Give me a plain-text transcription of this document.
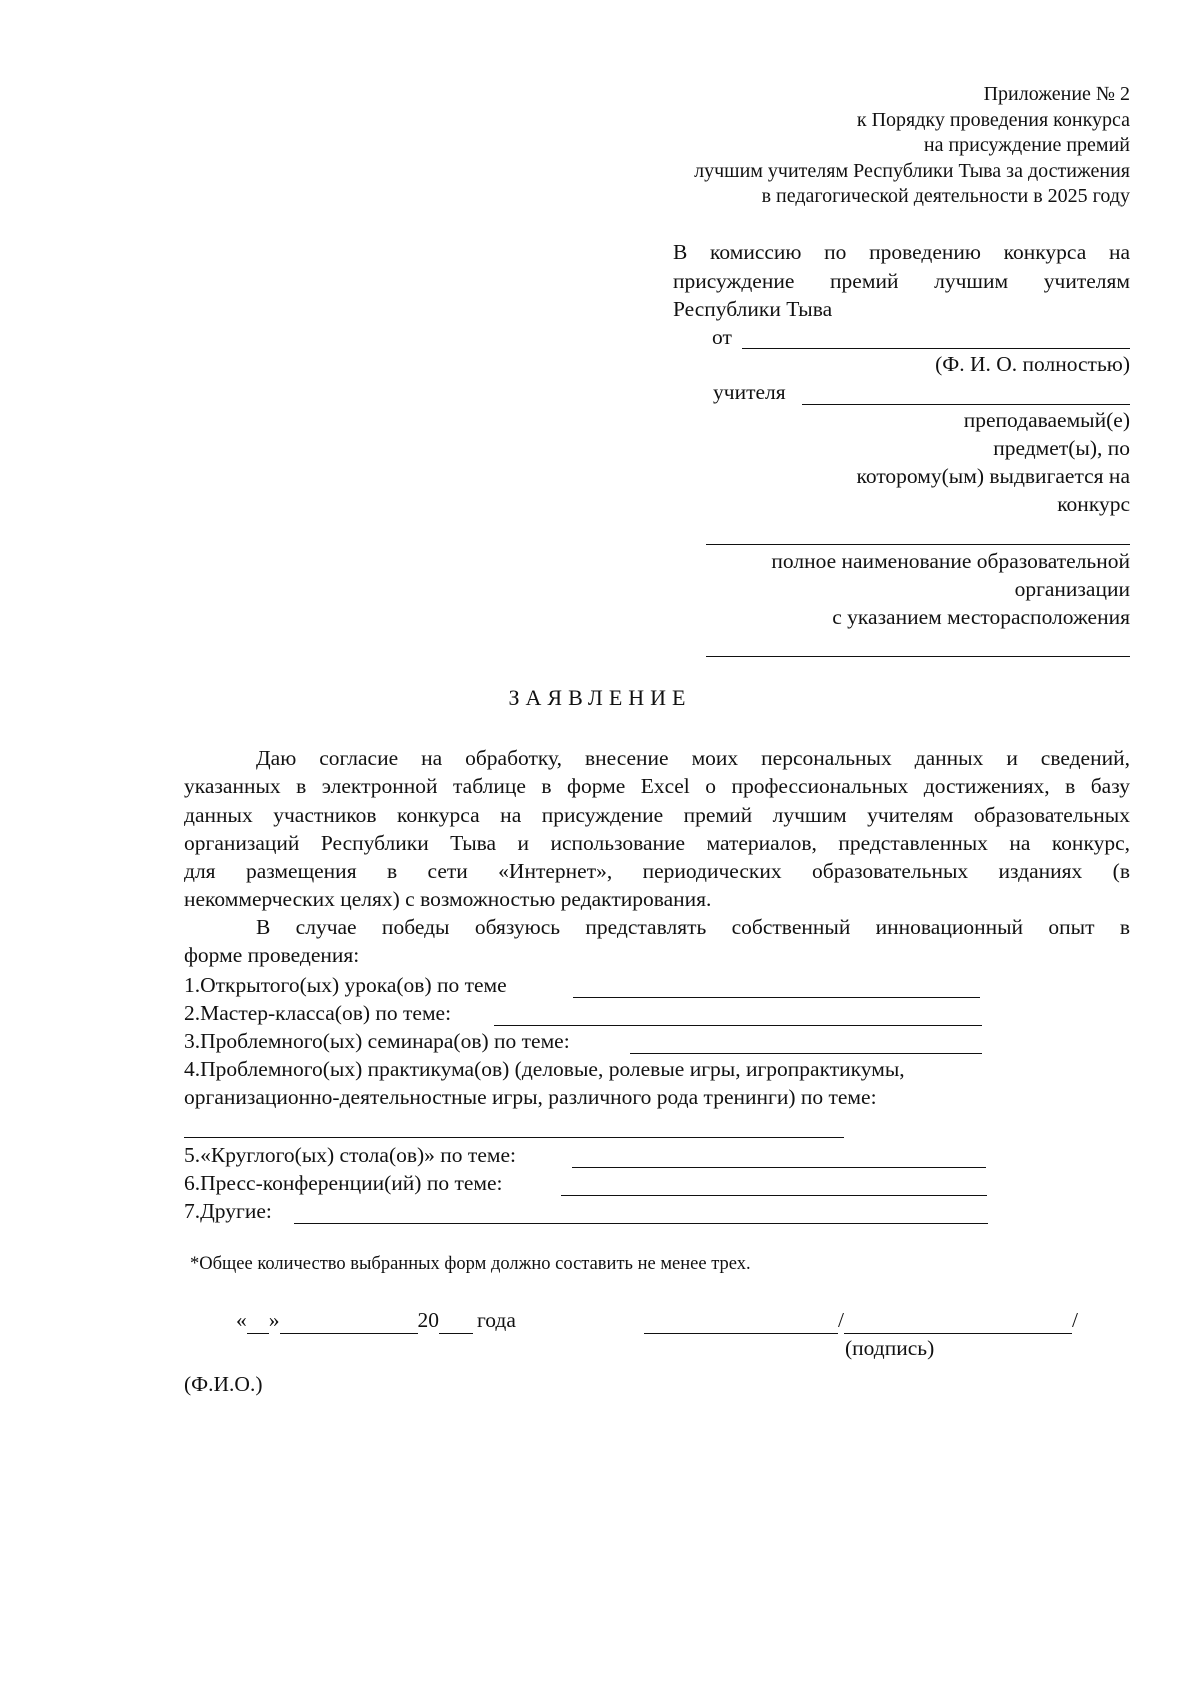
Приложение № 2
к Порядку проведения конкурса
на присуждение премий
лучшим учителям Республики Тыва за достижения
в педагогической деятельности в 2025 году
В комиссию по проведению конкурса на присуждение премий лучшим учителям Республики Тыва
от
(Ф. И. О. полностью)
учителя
преподаваемый(е)
предмет(ы), по
которому(ым) выдвигается на
конкурс
полное наименование образовательной
организации
с указанием месторасположения
ЗАЯВЛЕНИЕ
Даю согласие на обработку, внесение моих персональных данных и сведений,
указанных в электронной таблице в форме Excel о профессиональных достижениях, в базу
данных участников конкурса на присуждение премий лучшим учителям образовательных
организаций Республики Тыва и использование материалов, представленных на конкурс,
для размещения в сети «Интернет», периодических образовательных изданиях (в
некоммерческих целях) с возможностью редактирования.
В случае победы обязуюсь представлять собственный инновационный опыт в
форме проведения:
1.Открытого(ых) урока(ов) по теме
2.Мастер-класса(ов) по теме:
3.Проблемного(ых) семинара(ов) по теме:
4.Проблемного(ых) практикума(ов) (деловые, ролевые игры, игропрактикумы,
организационно-деятельностные игры, различного рода тренинги) по теме:
5.«Круглого(ых) стола(ов)» по теме:
6.Пресс-конференции(ий) по теме:
7.Другие:
*Общее количество выбранных форм должно составить не менее трех.
« »	20 года	/	/
(подпись)
(Ф.И.О.)
